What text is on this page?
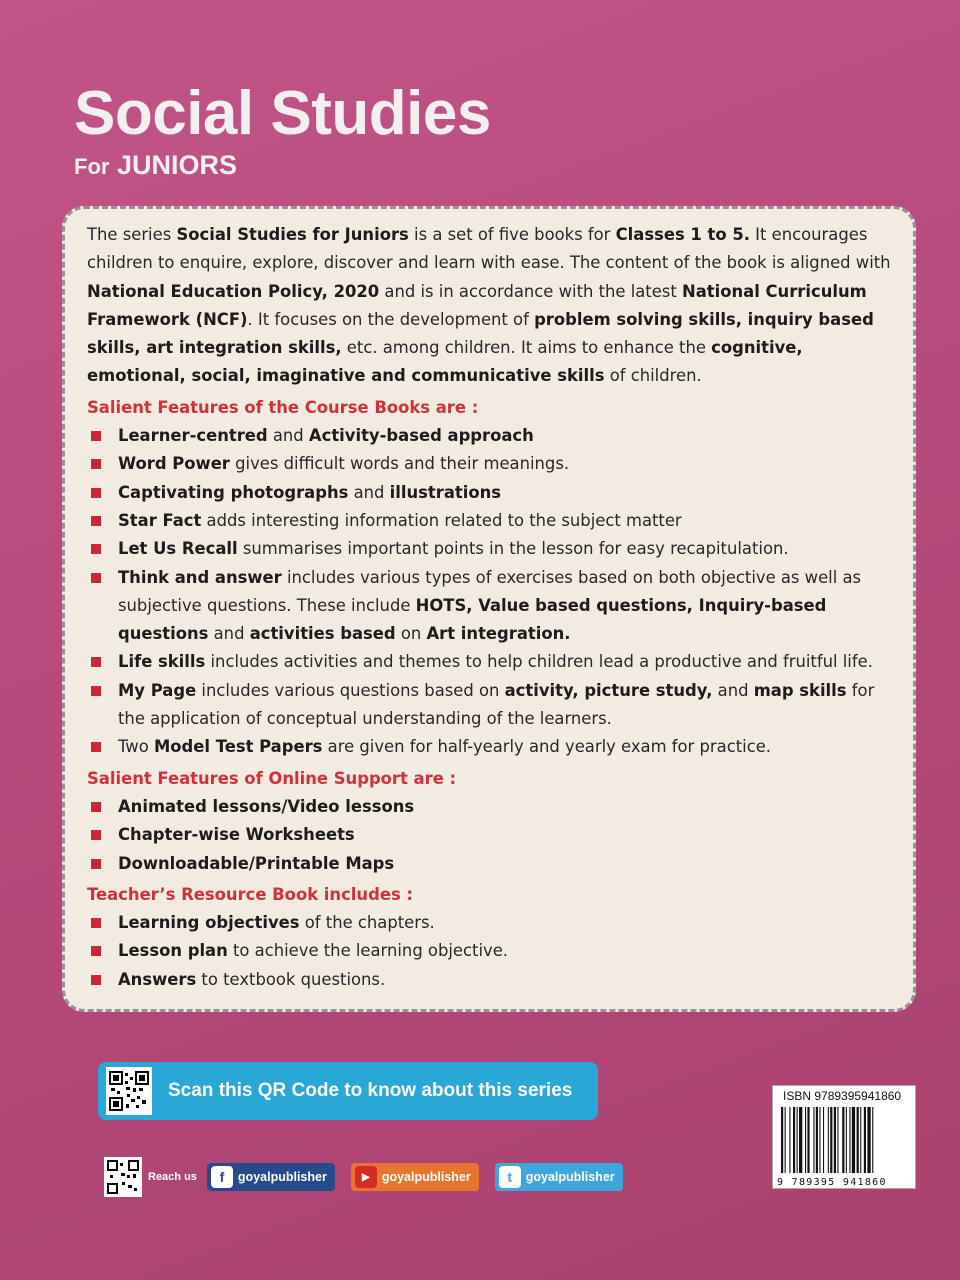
Social Studies
For JUNIORS

The series Social Studies for Juniors is a set of five books for Classes 1 to 5. It encourages children to enquire, explore, discover and learn with ease. The content of the book is aligned with National Education Policy, 2020 and is in accordance with the latest National Curriculum Framework (NCF). It focuses on the development of problem solving skills, inquiry based skills, art integration skills, etc. among children. It aims to enhance the cognitive, emotional, social, imaginative and communicative skills of children.

Salient Features of the Course Books are :
Learner-centred and Activity-based approach
Word Power gives difficult words and their meanings.
Captivating photographs and illustrations
Star Fact adds interesting information related to the subject matter
Let Us Recall summarises important points in the lesson for easy recapitulation.
Think and answer includes various types of exercises based on both objective as well as subjective questions. These include HOTS, Value based questions, Inquiry-based questions and activities based on Art integration.
Life skills includes activities and themes to help children lead a productive and fruitful life.
My Page includes various questions based on activity, picture study, and map skills for the application of conceptual understanding of the learners.
Two Model Test Papers are given for half-yearly and yearly exam for practice.
Salient Features of Online Support are :
Animated lessons/Video lessons
Chapter-wise Worksheets
Downloadable/Printable Maps
Teacher’s Resource Book includes :
Learning objectives of the chapters.
Lesson plan to achieve the learning objective.
Answers to textbook questions.
Scan this QR Code to know about this series	ISBN 9789395941860
9 789395 941860
Reach us	f	goyalpublisher	▶ goyalpublisher	t	goyalpublisher
